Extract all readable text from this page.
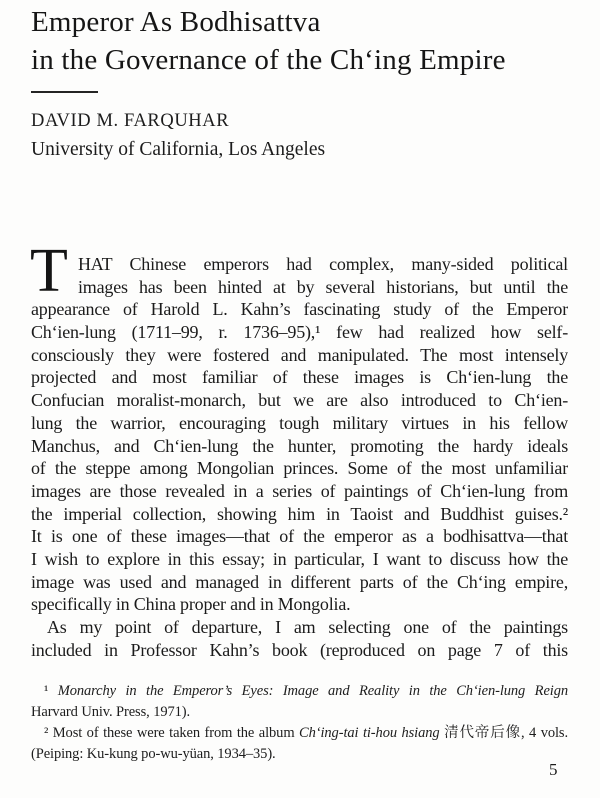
Emperor As Bodhisattva
in the Governance of the Ch‘ing Empire
DAVID M. FARQUHAR
University of California, Los Angeles
T HAT Chinese emperors had complex, many-sided political
images has been hinted at by several historians, but until the
appearance of Harold L. Kahn’s fascinating study of the Emperor
Ch‘ien-lung (1711–99, r. 1736–95),¹ few had realized how self-
consciously they were fostered and manipulated. The most intensely
projected and most familiar of these images is Ch‘ien-lung the
Confucian moralist-monarch, but we are also introduced to Ch‘ien-
lung the warrior, encouraging tough military virtues in his fellow
Manchus, and Ch‘ien-lung the hunter, promoting the hardy ideals
of the steppe among Mongolian princes. Some of the most unfamiliar
images are those revealed in a series of paintings of Ch‘ien-lung from
the imperial collection, showing him in Taoist and Buddhist guises.²
It is one of these images—that of the emperor as a bodhisattva—that
I wish to explore in this essay; in particular, I want to discuss how the
image was used and managed in different parts of the Ch‘ing empire,
specifically in China proper and in Mongolia.
As my point of departure, I am selecting one of the paintings
included in Professor Kahn’s book (reproduced on page 7 of this
¹ Monarchy in the Emperor’s Eyes: Image and Reality in the Ch‘ien-lung Reign
Harvard Univ. Press, 1971).
² Most of these were taken from the album Ch‘ing-tai ti-hou hsiang 清代帝后像, 4 vols.
(Peiping: Ku-kung po-wu-yüan, 1934–35).
5
